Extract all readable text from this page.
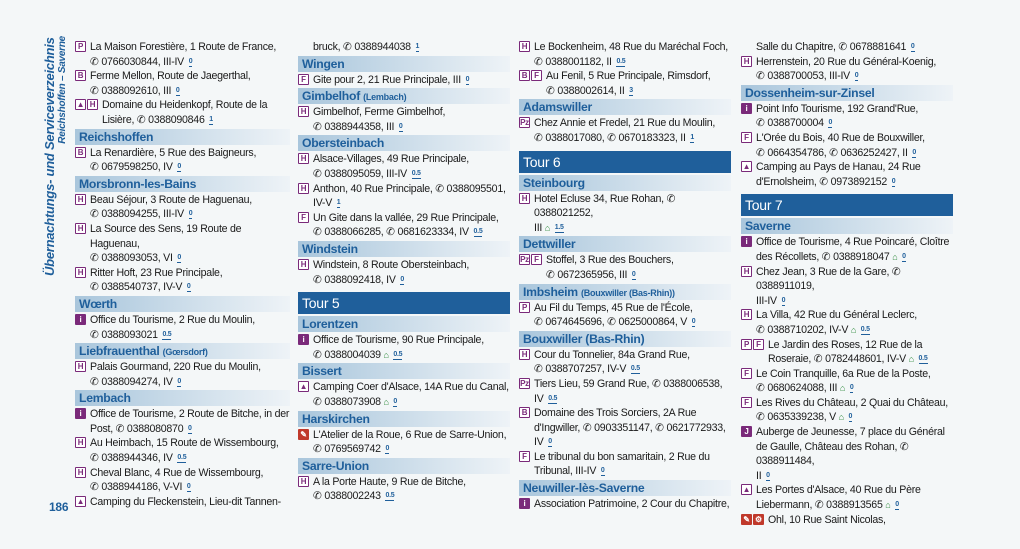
Übernachtungs- und Serviceverzeichnis Reichshoffen – Saverne
186
P La Maison Forestière, 1 Route de France,
✆ 0766030844, III-IV 0
B Ferme Mellon, Route de Jaegerthal,
✆ 0388092610, III 0
▲ H Domaine du Heidenkopf, Route de la Lisière, ✆ 0388090846 1
Reichshoffen
B La Renardière, 5 Rue des Baigneurs,
✆ 0679598250, IV 0
Morsbronn-les-Bains
H Beau Séjour, 3 Route de Haguenau,
✆ 0388094255, III-IV 0
H La Source des Sens, 19 Route de Haguenau,
✆ 0388093053, VI 0
H Ritter Hoft, 23 Rue Principale,
✆ 0388540737, IV-V 0
Wœrth
i Office du Tourisme, 2 Rue du Moulin,
✆ 0388093021 0.5
Liebfrauenthal (Gœrsdorf)
H Palais Gourmand, 220 Rue du Moulin,
✆ 0388094274, IV 0
Lembach
i Office de Tourisme, 2 Route de Bitche, in der Post, ✆ 0388080870 0
H Au Heimbach, 15 Route de Wissembourg,
✆ 0388944346, IV 0.5
H Cheval Blanc, 4 Rue de Wissembourg,
✆ 0388944186, V-VI 0
▲ Camping du Fleckenstein, Lieu-dit Tannen-
bruck, ✆ 0388944038 1
Wingen
F Gite pour 2, 21 Rue Principale, III 0
Gimbelhof (Lembach)
H Gimbelhof, Ferme Gimbelhof,
✆ 0388944358, III 0
Obersteinbach
H Alsace-Villages, 49 Rue Principale,
✆ 0388095059, III-IV 0.5
H Anthon, 40 Rue Principale, ✆ 0388095501,
IV-V 1
F Un Gite dans la vallée, 29 Rue Principale,
✆ 0388066285, ✆ 0681623334, IV 0.5
Windstein
H Windstein, 8 Route Obersteinbach,
✆ 0388092418, IV 0
Tour 5
Lorentzen
i Office de Tourisme, 90 Rue Principale,
✆ 0388004039 ⌂ 0.5
Bissert
▲ Camping Coer d'Alsace, 14A Rue du Canal,
✆ 0388073908 ⌂ 0
Harskirchen
✎ L'Atelier de la Roue, 6 Rue de Sarre-Union,
✆ 0769569742 0
Sarre-Union
H A la Porte Haute, 9 Rue de Bitche,
✆ 0388002243 0.5
H Le Bockenheim, 48 Rue du Maréchal Foch,
✆ 0388001182, II 0.5
B F Au Fenil, 5 Rue Principale, Rimsdorf,
✆ 0388002614, II 3
Adamswiller
Pz Chez Annie et Fredel, 21 Rue du Moulin,
✆ 0388017080, ✆ 0670183323, II 1
Tour 6
Steinbourg
H Hotel Ecluse 34, Rue Rohan, ✆ 0388021252,
III ⌂ 1.5
Dettwiller
Pz F Stoffel, 3 Rue des Bouchers,
✆ 0672365956, III 0
Imbsheim (Bouxwiller (Bas-Rhin))
P Au Fil du Temps, 45 Rue de l'École,
✆ 0674645696, ✆ 0625000864, V 0
Bouxwiller (Bas-Rhin)
H Cour du Tonnelier, 84a Grand Rue,
✆ 0388707257, IV-V 0.5
Pz Tiers Lieu, 59 Grand Rue, ✆ 0388006538,
IV 0.5
B Domaine des Trois Sorciers, 2A Rue d'Ingwiller, ✆ 0903351147, ✆ 0621772933,
IV 0
F Le tribunal du bon samaritain, 2 Rue du Tribunal, III-IV 0
Neuwiller-lès-Saverne
i Association Patrimoine, 2 Cour du Chapitre,
Salle du Chapitre, ✆ 0678881641 0
H Herrenstein, 20 Rue du Général-Koenig,
✆ 0388700053, III-IV 0
Dossenheim-sur-Zinsel
i Point Info Tourisme, 192 Grand'Rue,
✆ 0388700004 0
F L'Orée du Bois, 40 Rue de Bouxwiller,
✆ 0664354786, ✆ 0636252427, II 0
▲ Camping au Pays de Hanau, 24 Rue d'Ernolsheim, ✆ 0973892152 0
Tour 7
Saverne
i Office de Tourisme, 4 Rue Poincaré, Cloître des Récollets, ✆ 0388918047 ⌂ 0
H Chez Jean, 3 Rue de la Gare, ✆ 0388911019,
III-IV 0
H La Villa, 42 Rue du Général Leclerc,
✆ 0388710202, IV-V ⌂ 0.5
P F Le Jardin des Roses, 12 Rue de la Roseraie, ✆ 0782448601, IV-V ⌂ 0.5
F Le Coin Tranquille, 6a Rue de la Poste,
✆ 0680624088, III ⌂ 0
F Les Rives du Château, 2 Quai du Château,
✆ 0635339238, V ⌂ 0
J Auberge de Jeunesse, 7 place du Général de Gaulle, Château des Rohan, ✆ 0388911484,
II 0
▲ Les Portes d'Alsace, 40 Rue du Père Liebermann, ✆ 0388913565 ⌂ 0
✎ ⚙ Ohl, 10 Rue Saint Nicolas,
